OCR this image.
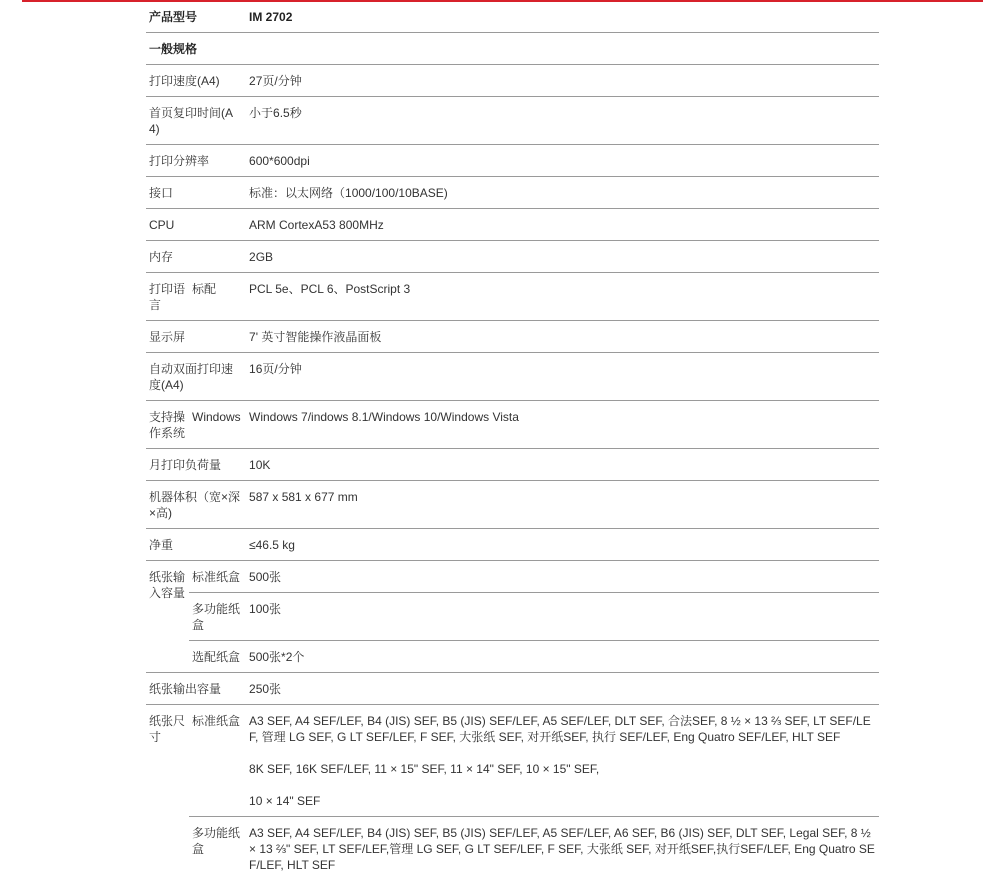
产品型号		IM 2702
一般规格		
打印速度(A4)		27页/分钟
首页复印时间(A4)		小于6.5秒
打印分辨率		600*600dpi
接口		标准：以太网络（1000/100/10BASE)
CPU		ARM CortexA53 800MHz
内存		2GB
打印语言	标配	PCL 5e、PCL 6、PostScript 3
显示屏		7' 英寸智能操作液晶面板
自动双面打印速度(A4)		16页/分钟
支持操作系统	Windows	Windows 7/indows 8.1/Windows 10/Windows Vista
月打印负荷量		10K
机器体积（宽×深×高)		587 x 581 x 677 mm
净重		≤46.5 kg
纸张输入容量	标准纸盒	500张
	多功能纸盒	100张
	选配纸盒	500张*2个
纸张输出容量		250张
纸张尺寸	标准纸盒	A3 SEF, A4 SEF/LEF, B4 (JIS) SEF, B5 (JIS) SEF/LEF, A5 SEF/LEF, DLT SEF, 合法SEF, 8 ½ × 13 ⅔ SEF, LT SEF/LEF, 管理 LG SEF, G LT SEF/LEF, F SEF, 大张纸 SEF, 对开纸SEF, 执行 SEF/LEF, Eng Quatro SEF/LEF, HLT SEF
8K SEF, 16K SEF/LEF, 11 × 15" SEF, 11 × 14" SEF, 10 × 15" SEF,
10 × 14" SEF

	多功能纸盒	A3 SEF, A4 SEF/LEF, B4 (JIS) SEF, B5 (JIS) SEF/LEF, A5 SEF/LEF, A6 SEF, B6 (JIS) SEF, DLT SEF, Legal SEF, 8 ½ × 13 ⅔" SEF, LT SEF/LEF,管理 LG SEF, G LT SEF/LEF, F SEF, 大张纸 SEF, 对开纸SEF,执行SEF/LEF, Eng Quatro SEF/LEF, HLT SEF
